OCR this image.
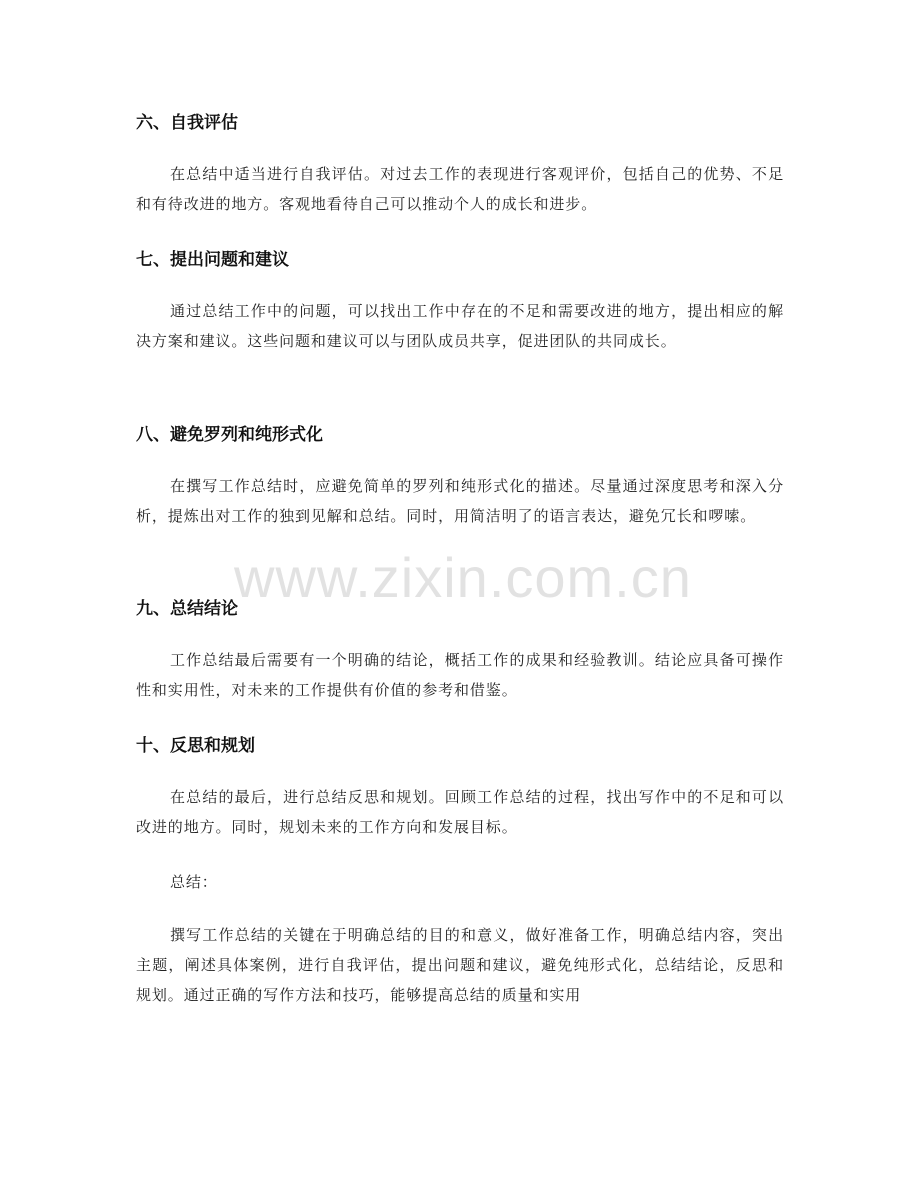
六、自我评估

在总结中适当进行自我评估。对过去工作的表现进行客观评价，包括自己的优势、不足和有待改进的地方。客观地看待自己可以推动个人的成长和进步。

七、提出问题和建议

通过总结工作中的问题，可以找出工作中存在的不足和需要改进的地方，提出相应的解决方案和建议。这些问题和建议可以与团队成员共享，促进团队的共同成长。

八、避免罗列和纯形式化

在撰写工作总结时，应避免简单的罗列和纯形式化的描述。尽量通过深度思考和深入分析，提炼出对工作的独到见解和总结。同时，用简洁明了的语言表达，避免冗长和啰嗦。

九、总结结论

工作总结最后需要有一个明确的结论，概括工作的成果和经验教训。结论应具备可操作性和实用性，对未来的工作提供有价值的参考和借鉴。

十、反思和规划

在总结的最后，进行总结反思和规划。回顾工作总结的过程，找出写作中的不足和可以改进的地方。同时，规划未来的工作方向和发展目标。

总结：

撰写工作总结的关键在于明确总结的目的和意义，做好准备工作，明确总结内容，突出主题，阐述具体案例，进行自我评估，提出问题和建议，避免纯形式化，总结结论，反思和规划。通过正确的写作方法和技巧，能够提高总结的质量和实用

www.zixin.com.cn
